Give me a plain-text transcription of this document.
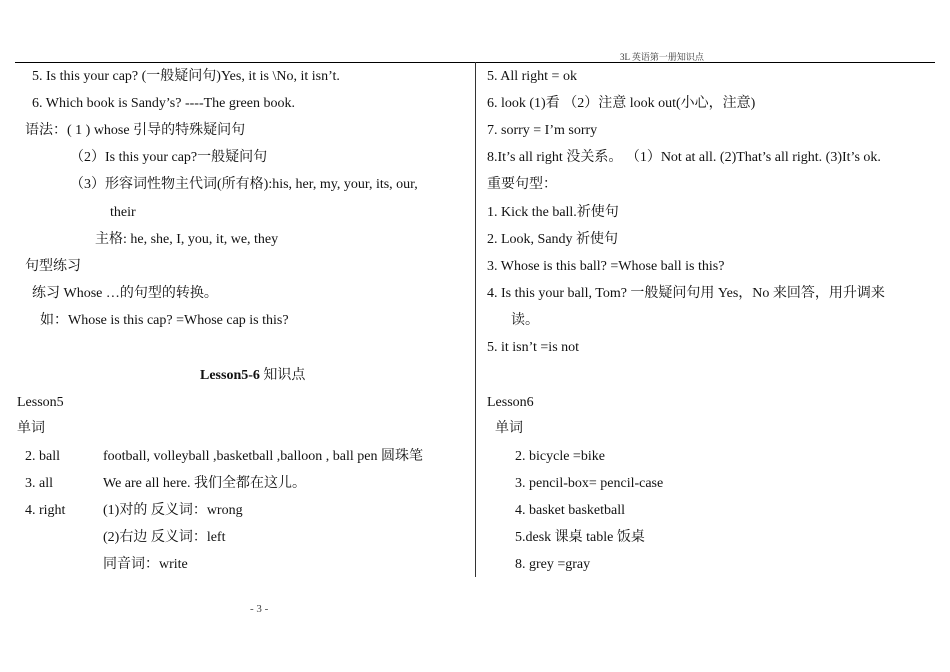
3L 英语第一册知识点
5. Is this your cap? (一般疑问句)Yes, it is \No, it isn’t.
6. Which book is Sandy’s? ----The green book.
语法：( 1 ) whose 引导的特殊疑问句
（2）Is this your cap?一般疑问句
（3）形容词性物主代词(所有格):his, her, my, your, its, our,
their
主格: he, she, I, you, it, we, they
句型练习
练习 Whose …的句型的转换。
如：Whose is this cap? =Whose cap is this?
Lesson5-6 知识点
Lesson5
单词
2. ball	football, volleyball ,basketball ,balloon , ball pen 圆珠笔
3. all	We are all here. 我们全都在这儿。
4. right	(1)对的 反义词：wrong
(2)右边 反义词：left
同音词：write
5. All right = ok
6. look (1)看 （2）注意 look out(小心，注意)
7. sorry = I’m sorry
8.It’s all right 没关系。 （1）Not at all. (2)That’s all right. (3)It’s ok.
重要句型：
1. Kick the ball.祈使句
2. Look, Sandy 祈使句
3. Whose is this ball? =Whose ball is this?
4. Is this your ball, Tom? 一般疑问句用 Yes，No 来回答，用升调来
读。
5. it isn’t =is not
Lesson6
单词
2. bicycle =bike
3. pencil-box= pencil-case
4. basket basketball
5.desk 课桌 table 饭桌
8. grey =gray
- 3 -
